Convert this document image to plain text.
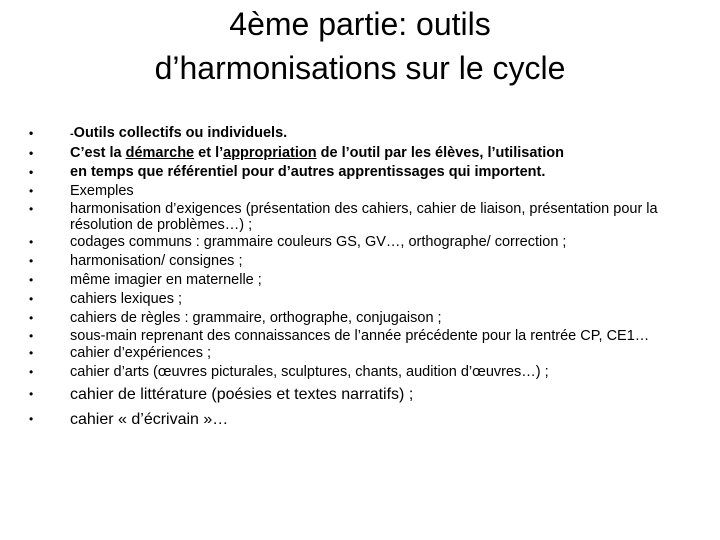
4ème partie: outils
d’harmonisations sur le cycle
•	-Outils collectifs ou individuels.
•	C’est la démarche et l’appropriation de l’outil par les élèves, l’utilisation
•	en temps que référentiel pour d’autres apprentissages qui importent.
•	Exemples
•	harmonisation d’exigences (présentation des cahiers, cahier de liaison, présentation pour la résolution de problèmes…) ;
•	codages communs : grammaire couleurs GS, GV…, orthographe/ correction ;
•	harmonisation/ consignes ;
•	même imagier en maternelle ;
•	cahiers lexiques ;
•	cahiers de règles : grammaire, orthographe, conjugaison ;
•	sous-main reprenant des connaissances de l’année précédente pour la rentrée CP, CE1…
•	cahier d’expériences ;
•	cahier d’arts (œuvres picturales, sculptures, chants, audition d’œuvres…) ;
•	cahier de littérature (poésies et textes narratifs) ;
•	cahier « d’écrivain »…
